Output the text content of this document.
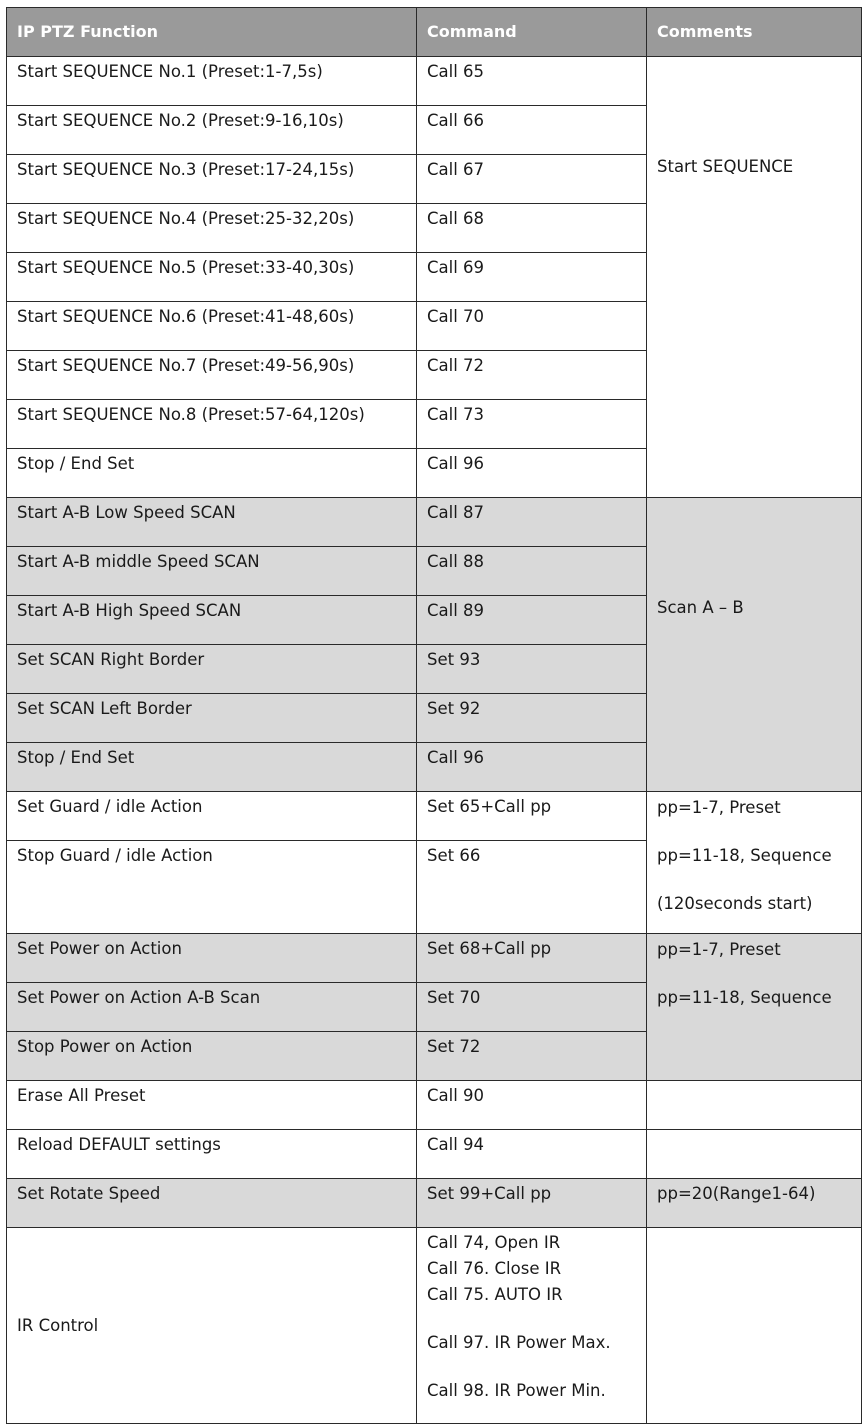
IP PTZ Function	Command	Comments
Start SEQUENCE No.1 (Preset:1-7,5s)	Call 65	Start SEQUENCE

Start SEQUENCE No.2 (Preset:9-16,10s)	Call 66	
Start SEQUENCE No.3 (Preset:17-24,15s)	Call 67	
Start SEQUENCE No.4 (Preset:25-32,20s)	Call 68	
Start SEQUENCE No.5 (Preset:33-40,30s)	Call 69	
Start SEQUENCE No.6 (Preset:41-48,60s)	Call 70	
Start SEQUENCE No.7 (Preset:49-56,90s)	Call 72	
Start SEQUENCE No.8 (Preset:57-64,120s)	Call 73	
Stop / End Set	Call 96	
Start A-B Low Speed SCAN	Call 87	Scan A – B

Start A-B middle Speed SCAN	Call 88	
Start A-B High Speed SCAN	Call 89	
Set SCAN Right Border	Set 93	
Set SCAN Left Border	Set 92	
Stop / End Set	Call 96	
Set Guard / idle Action	Set 65+Call pp	pp=1-7, Preset
pp=11-18, Sequence
(120seconds start)

Stop Guard / idle Action	Set 66	
Set Power on Action	Set 68+Call pp	pp=1-7, Preset
pp=11-18, Sequence

Set Power on Action A-B Scan	Set 70	
Stop Power on Action	Set 72	
Erase All Preset	Call 90	
Reload DEFAULT settings	Call 94	
Set Rotate Speed	Set 99+Call pp	pp=20(Range1-64)
IR Control	Call 74, Open IR
Call 76. Close IR
Call 75. AUTO IR
Call 97. IR Power Max.
Call 98. IR Power Min.	
